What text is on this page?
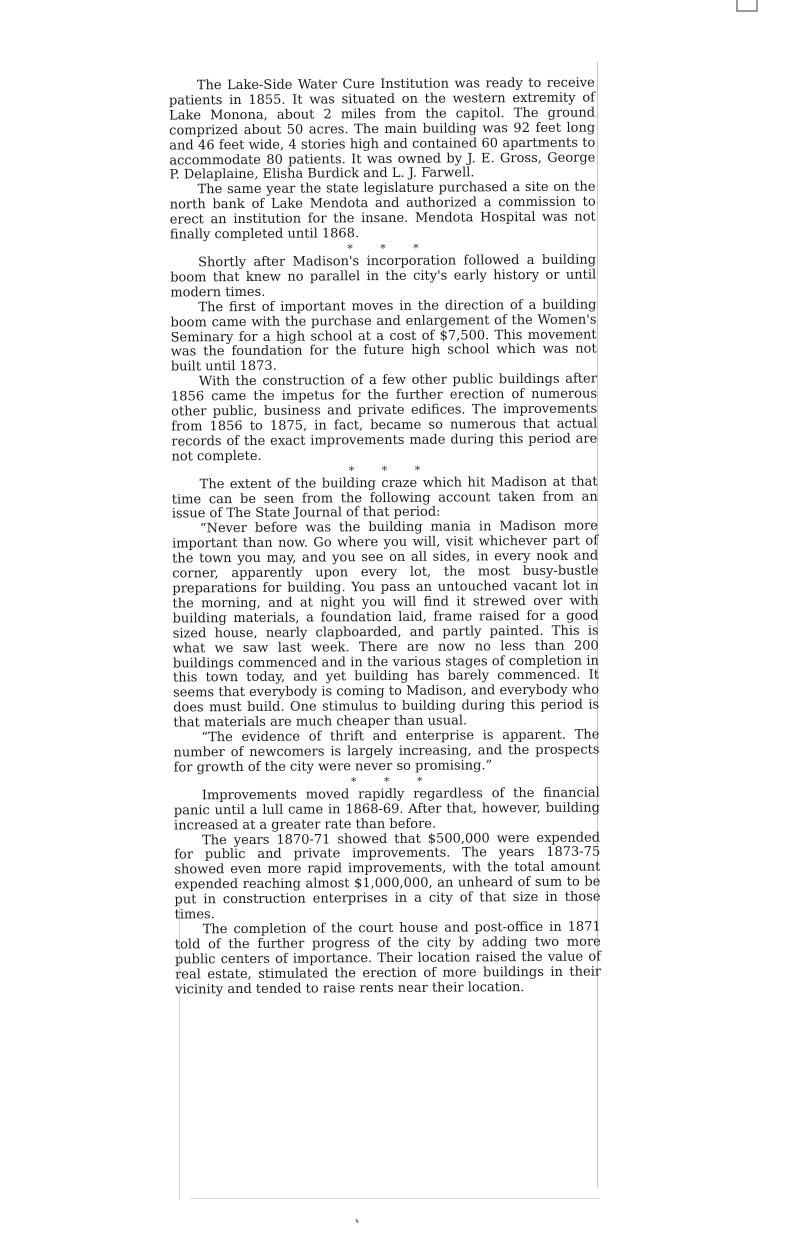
The Lake-Side Water Cure Institution was ready to receive patients in 1855. It was situated on the western extremity of Lake Monona, about 2 miles from the capitol. The ground comprized about 50 acres. The main building was 92 feet long and 46 feet wide, 4 stories high and contained 60 apartments to accommodate 80 patients. It was owned by J. E. Gross, George P. Delaplaine, Elisha Burdick and L. J. Farwell.

The same year the state legislature purchased a site on the north bank of Lake Mendota and authorized a commission to erect an institution for the insane. Mendota Hospital was not finally completed until 1868.

* * *

Shortly after Madison's incorporation followed a building boom that knew no parallel in the city's early history or until modern times.

The first of important moves in the direction of a building boom came with the purchase and enlargement of the Women's Seminary for a high school at a cost of $7,500. This movement was the foundation for the future high school which was not built until 1873.

With the construction of a few other public buildings after 1856 came the impetus for the further erection of numerous other public, business and private edifices. The improvements from 1856 to 1875, in fact, became so numerous that actual records of the exact improvements made during this period are not complete.

* * *

The extent of the building craze which hit Madison at that time can be seen from the following account taken from an issue of The State Journal of that period:

“Never before was the building mania in Madison more important than now. Go where you will, visit whichever part of the town you may, and you see on all sides, in every nook and corner, apparently upon every lot, the most busy-bustle preparations for building. You pass an untouched vacant lot in the morning, and at night you will find it strewed over with building materials, a foundation laid, frame raised for a good sized house, nearly clapboarded, and partly painted. This is what we saw last week. There are now no less than 200 buildings commenced and in the various stages of completion in this town today, and yet building has barely commenced. It seems that everybody is coming to Madison, and everybody who does must build. One stimulus to building during this period is that materials are much cheaper than usual.

“The evidence of thrift and enterprise is apparent. The number of newcomers is largely increasing, and the prospects for growth of the city were never so promising.”

* * *

Improvements moved rapidly regardless of the financial panic until a lull came in 1868-69. After that, however, building increased at a greater rate than before.

The years 1870-71 showed that $500,000 were expended for public and private improvements. The years 1873-75 showed even more rapid improvements, with the total amount expended reaching almost $1,000,000, an unheard of sum to be put in construction enterprises in a city of that size in those times.

The completion of the court house and post-office in 1871 told of the further progress of the city by adding two more public centers of importance. Their location raised the value of real estate, stimulated the erection of more buildings in their vicinity and tended to raise rents near their location.
